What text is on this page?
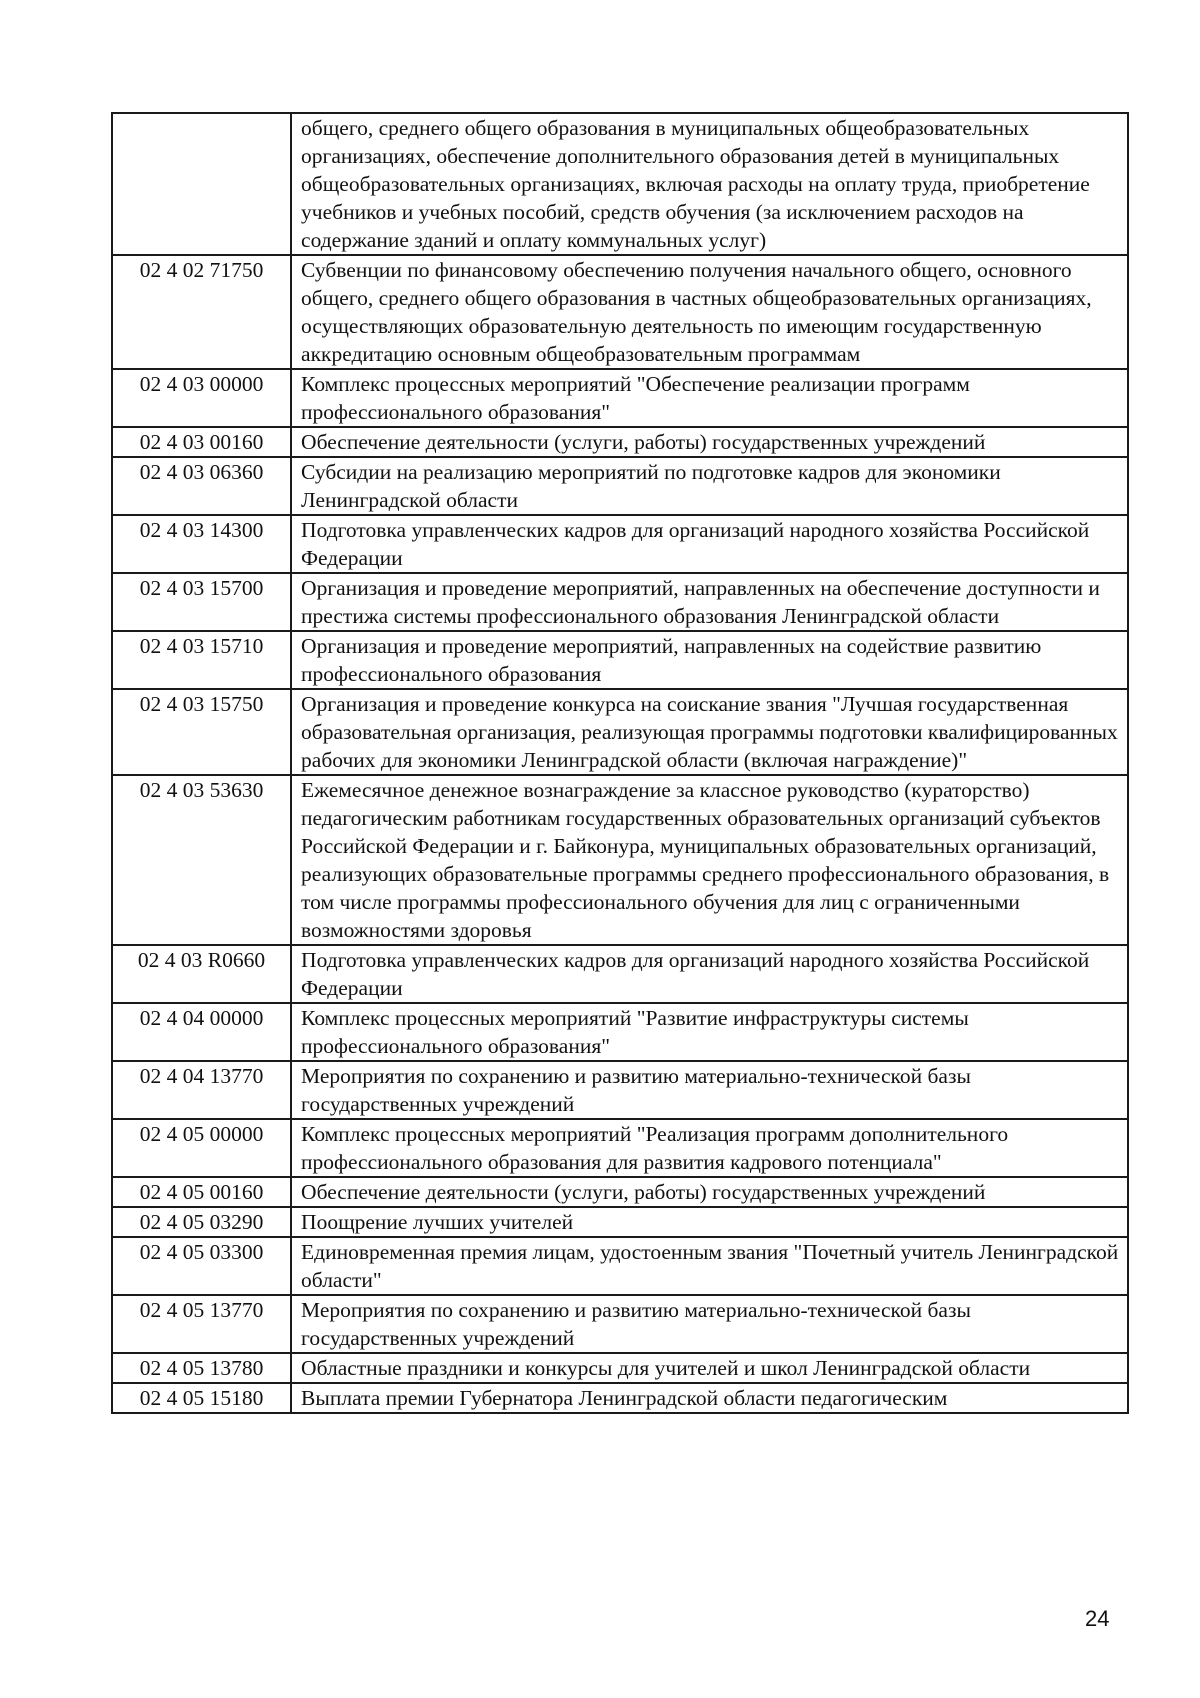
	общего, среднего общего образования в муниципальных общеобразовательных организациях, обеспечение дополнительного образования детей в муниципальных общеобразовательных организациях, включая расходы на оплату труда, приобретение учебников и учебных пособий, средств обучения (за исключением расходов на содержание зданий и оплату коммунальных услуг)
02 4 02 71750	Субвенции по финансовому обеспечению получения начального общего, основного общего, среднего общего образования в частных общеобразовательных организациях, осуществляющих образовательную деятельность по имеющим государственную аккредитацию основным общеобразовательным программам
02 4 03 00000	Комплекс процессных мероприятий "Обеспечение реализации программ профессионального образования"
02 4 03 00160	Обеспечение деятельности (услуги, работы) государственных учреждений
02 4 03 06360	Субсидии на реализацию мероприятий по подготовке кадров для экономики Ленинградской области
02 4 03 14300	Подготовка управленческих кадров для организаций народного хозяйства Российской Федерации
02 4 03 15700	Организация и проведение мероприятий, направленных на обеспечение доступности и престижа системы профессионального образования Ленинградской области
02 4 03 15710	Организация и проведение мероприятий, направленных на содействие развитию профессионального образования
02 4 03 15750	Организация и проведение конкурса на соискание звания "Лучшая государственная образовательная организация, реализующая программы подготовки квалифицированных рабочих для экономики Ленинградской области (включая награждение)"
02 4 03 53630	Ежемесячное денежное вознаграждение за классное руководство (кураторство) педагогическим работникам государственных образовательных организаций субъектов Российской Федерации и г. Байконура, муниципальных образовательных организаций, реализующих образовательные программы среднего профессионального образования, в том числе программы профессионального обучения для лиц с ограниченными возможностями здоровья
02 4 03 R0660	Подготовка управленческих кадров для организаций народного хозяйства Российской Федерации
02 4 04 00000	Комплекс процессных мероприятий "Развитие инфраструктуры системы профессионального образования"
02 4 04 13770	Мероприятия по сохранению и развитию материально-технической базы государственных учреждений
02 4 05 00000	Комплекс процессных мероприятий "Реализация программ дополнительного профессионального образования для развития кадрового потенциала"
02 4 05 00160	Обеспечение деятельности (услуги, работы) государственных учреждений
02 4 05 03290	Поощрение лучших учителей
02 4 05 03300	Единовременная премия лицам, удостоенным звания "Почетный учитель Ленинградской области"
02 4 05 13770	Мероприятия по сохранению и развитию материально-технической базы государственных учреждений
02 4 05 13780	Областные праздники и конкурсы для учителей и школ Ленинградской области
02 4 05 15180	Выплата премии Губернатора Ленинградской области педагогическим
24
